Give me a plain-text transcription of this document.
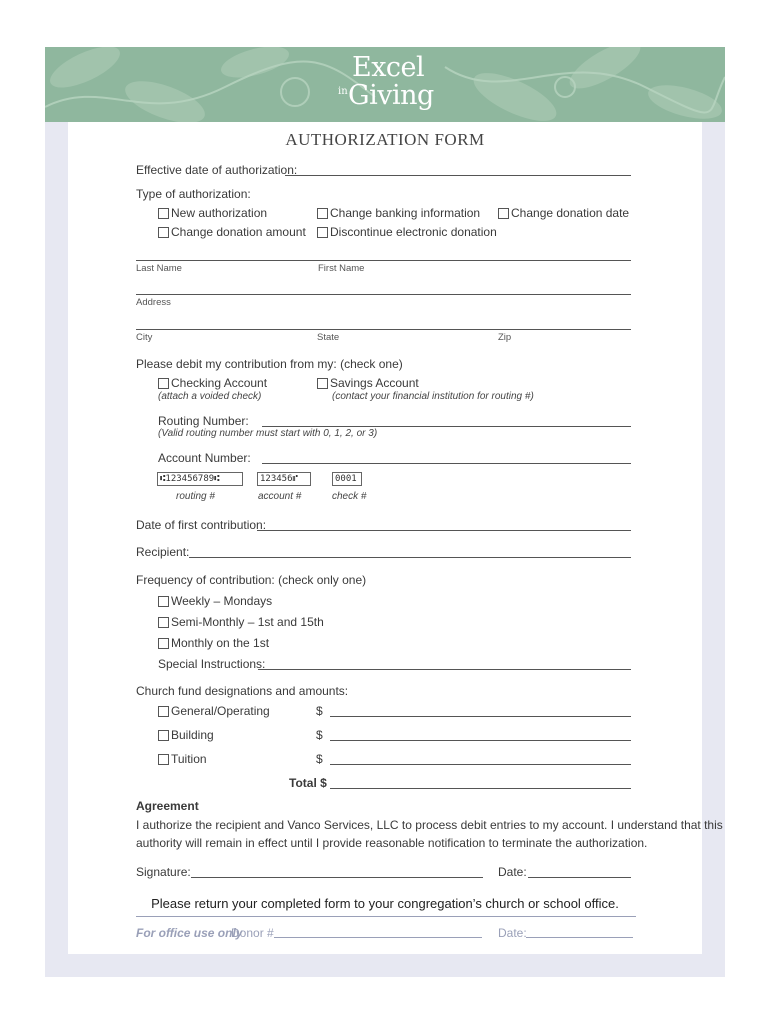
Excel
in Giving
AUTHORIZATION FORM
Effective date of authorization:
Type of authorization:
New authorization	Change banking information	Change donation date
Change donation amount Discontinue electronic donation
Last Name	First Name
Address
City	State	Zip
Please debit my contribution from my: (check one)
Checking Account
(attach a voided check)
Savings Account
(contact your financial institution for routing #)
Routing Number:
(Valid routing number must start with 0, 1, 2, or 3)
Account Number:
⑆123456789⑆	123456⑈	0001
routing #	account #	check #
Date of first contribution:
Recipient:
Frequency of contribution: (check only one)
Weekly – Mondays
Semi-Monthly – 1st and 15th
Monthly on the 1st
Special Instructions:
Church fund designations and amounts:
General/Operating	$
Building	$
Tuition	$
Total $
Agreement
I authorize the recipient and Vanco Services, LLC to process debit entries to my account. I understand that this
authority will remain in effect until I provide reasonable notification to terminate the authorization.
Signature:	Date:
Please return your completed form to your congregation’s church or school office.
For office use only
Donor #	Date:
